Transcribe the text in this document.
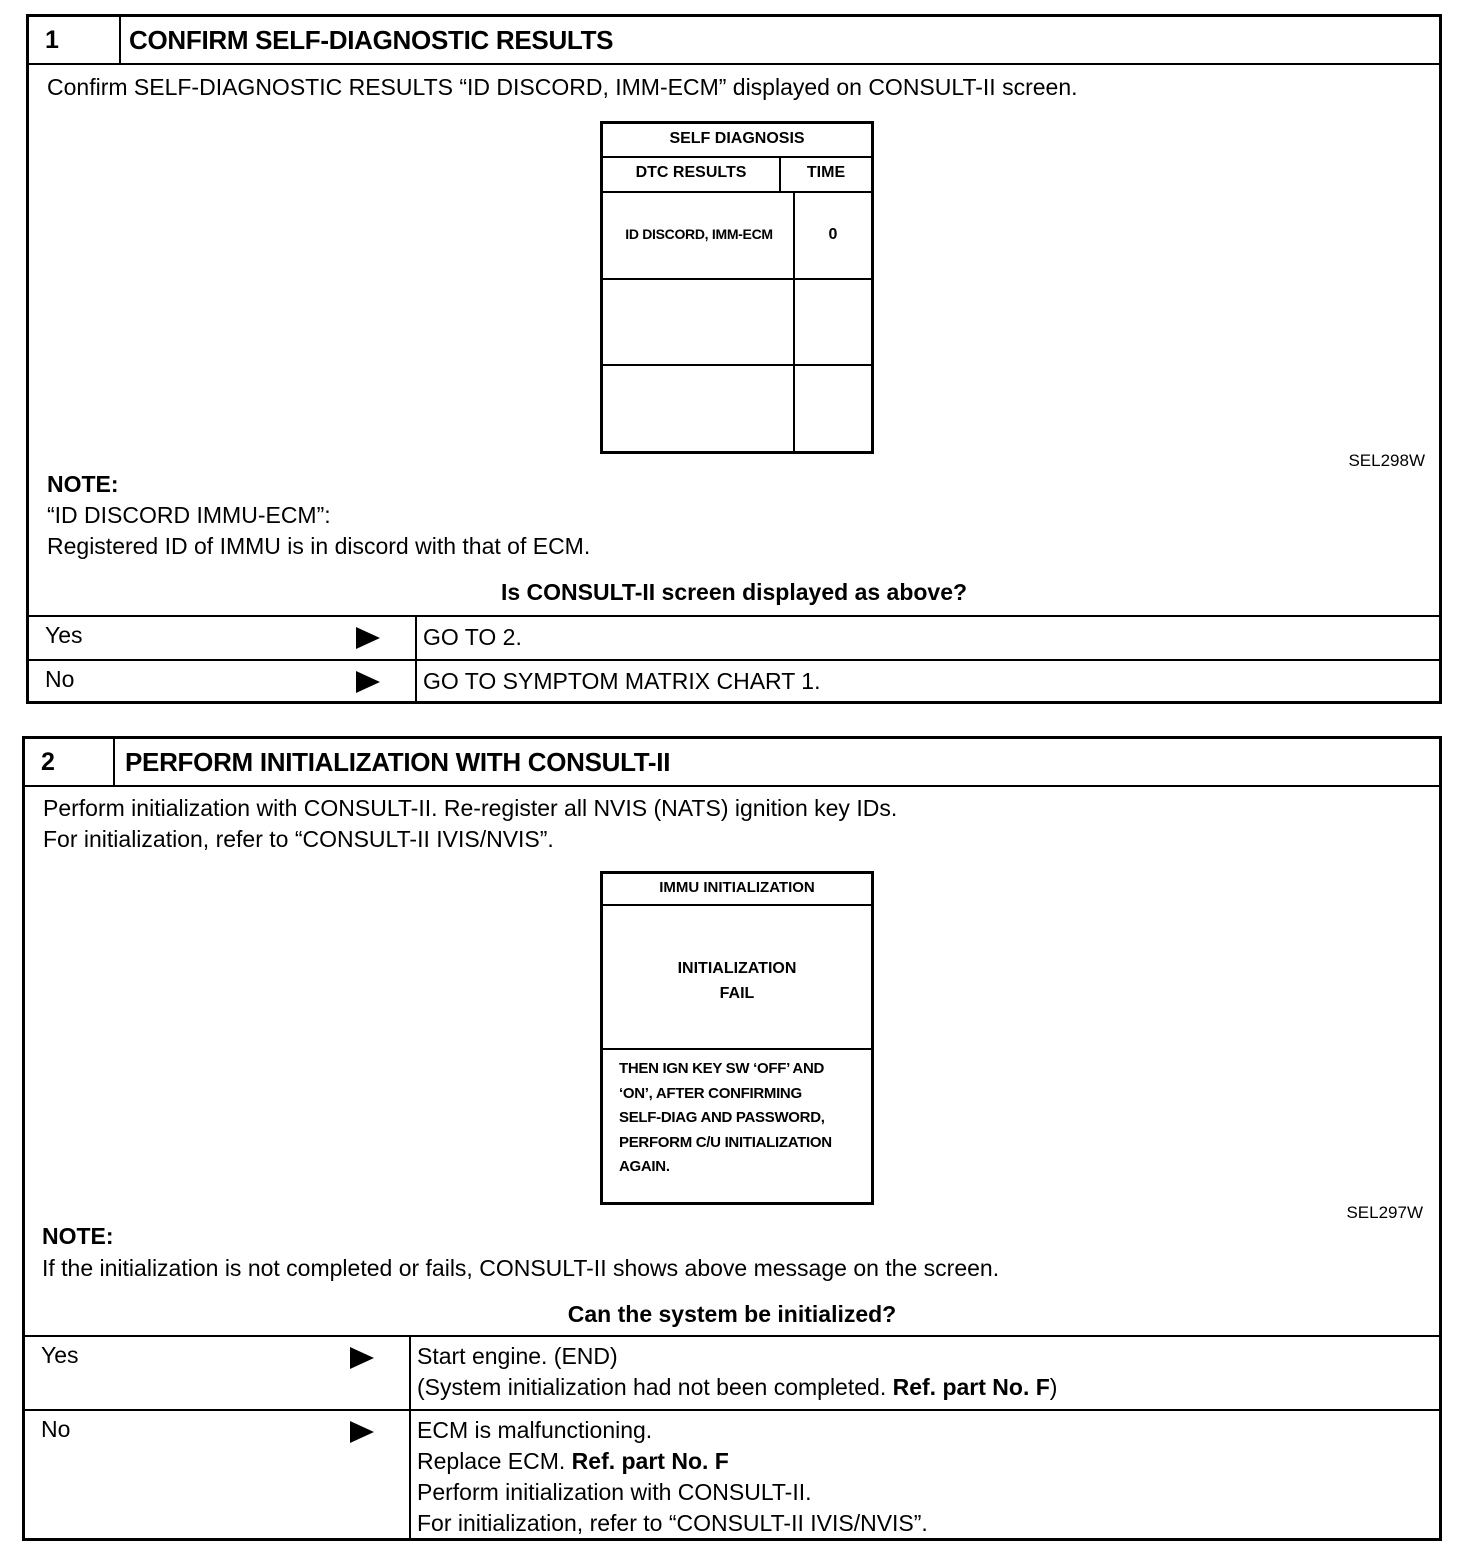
1	CONFIRM SELF-DIAGNOSTIC RESULTS
Confirm SELF-DIAGNOSTIC RESULTS “ID DISCORD, IMM-ECM” displayed on CONSULT-II screen.
SELF DIAGNOSIS
DTC RESULTS	TIME
ID DISCORD, IMM-ECM	0
SEL298W
NOTE:
“ID DISCORD IMMU-ECM”:
Registered ID of IMMU is in discord with that of ECM.
Is CONSULT-II screen displayed as above?
Yes	GO TO 2.
No	GO TO SYMPTOM MATRIX CHART 1.
2	PERFORM INITIALIZATION WITH CONSULT-II
Perform initialization with CONSULT-II. Re-register all NVIS (NATS) ignition key IDs.
For initialization, refer to “CONSULT-II IVIS/NVIS”.
IMMU INITIALIZATION
INITIALIZATION
FAIL
THEN IGN KEY SW ‘OFF’ AND
‘ON’, AFTER CONFIRMING
SELF-DIAG AND PASSWORD,
PERFORM C/U INITIALIZATION
AGAIN.
SEL297W
NOTE:
If the initialization is not completed or fails, CONSULT-II shows above message on the screen.
Can the system be initialized?
Yes	Start engine. (END)
(System initialization had not been completed. Ref. part No. F)
No	ECM is malfunctioning.
Replace ECM. Ref. part No. F
Perform initialization with CONSULT-II.
For initialization, refer to “CONSULT-II IVIS/NVIS”.
